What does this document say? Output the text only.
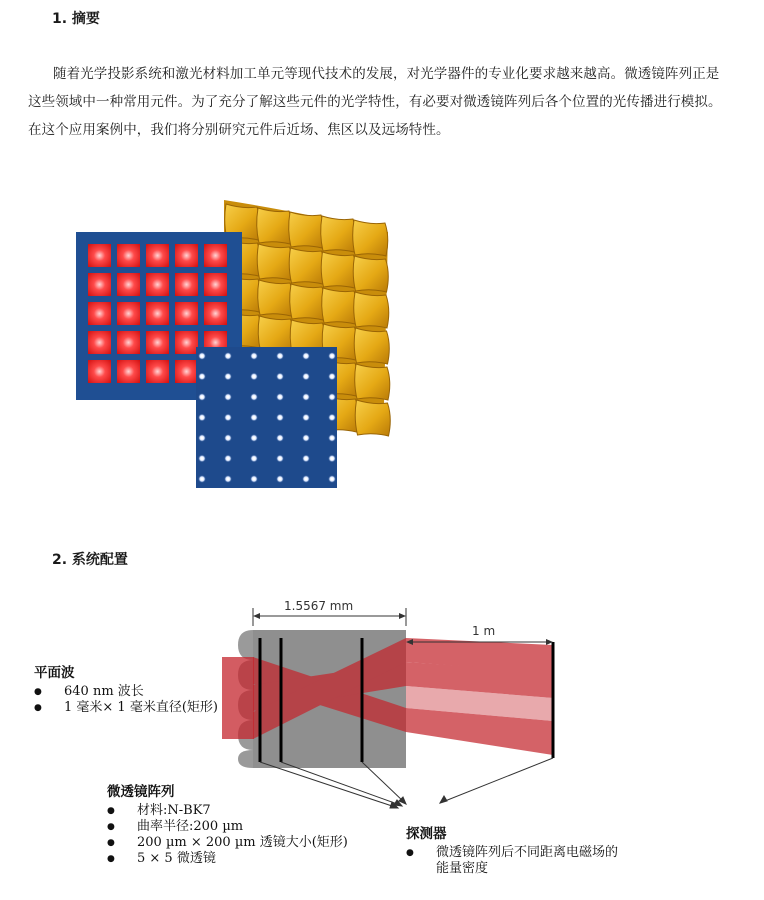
1. 摘要

随着光学投影系统和激光材料加工单元等现代技术的发展，对光学器件的专业化要求越来越高。微透镜阵列正是这些领域中一种常用元件。为了充分了解这些元件的光学特性，有必要对微透镜阵列后各个位置的光传播进行模拟。在这个应用案例中，我们将分别研究元件后近场、焦区以及远场特性。

2. 系统配置
1.5567 mm
1 m
平面波
● 640 nm 波长
● 1 毫米× 1 毫米直径(矩形)
微透镜阵列
● 材料:N-BK7
● 曲率半径:200 µm
● 200 µm × 200 µm 透镜大小(矩形)
● 5 × 5 微透镜
探测器
● 微透镜阵列后不同距离电磁场的能量密度
